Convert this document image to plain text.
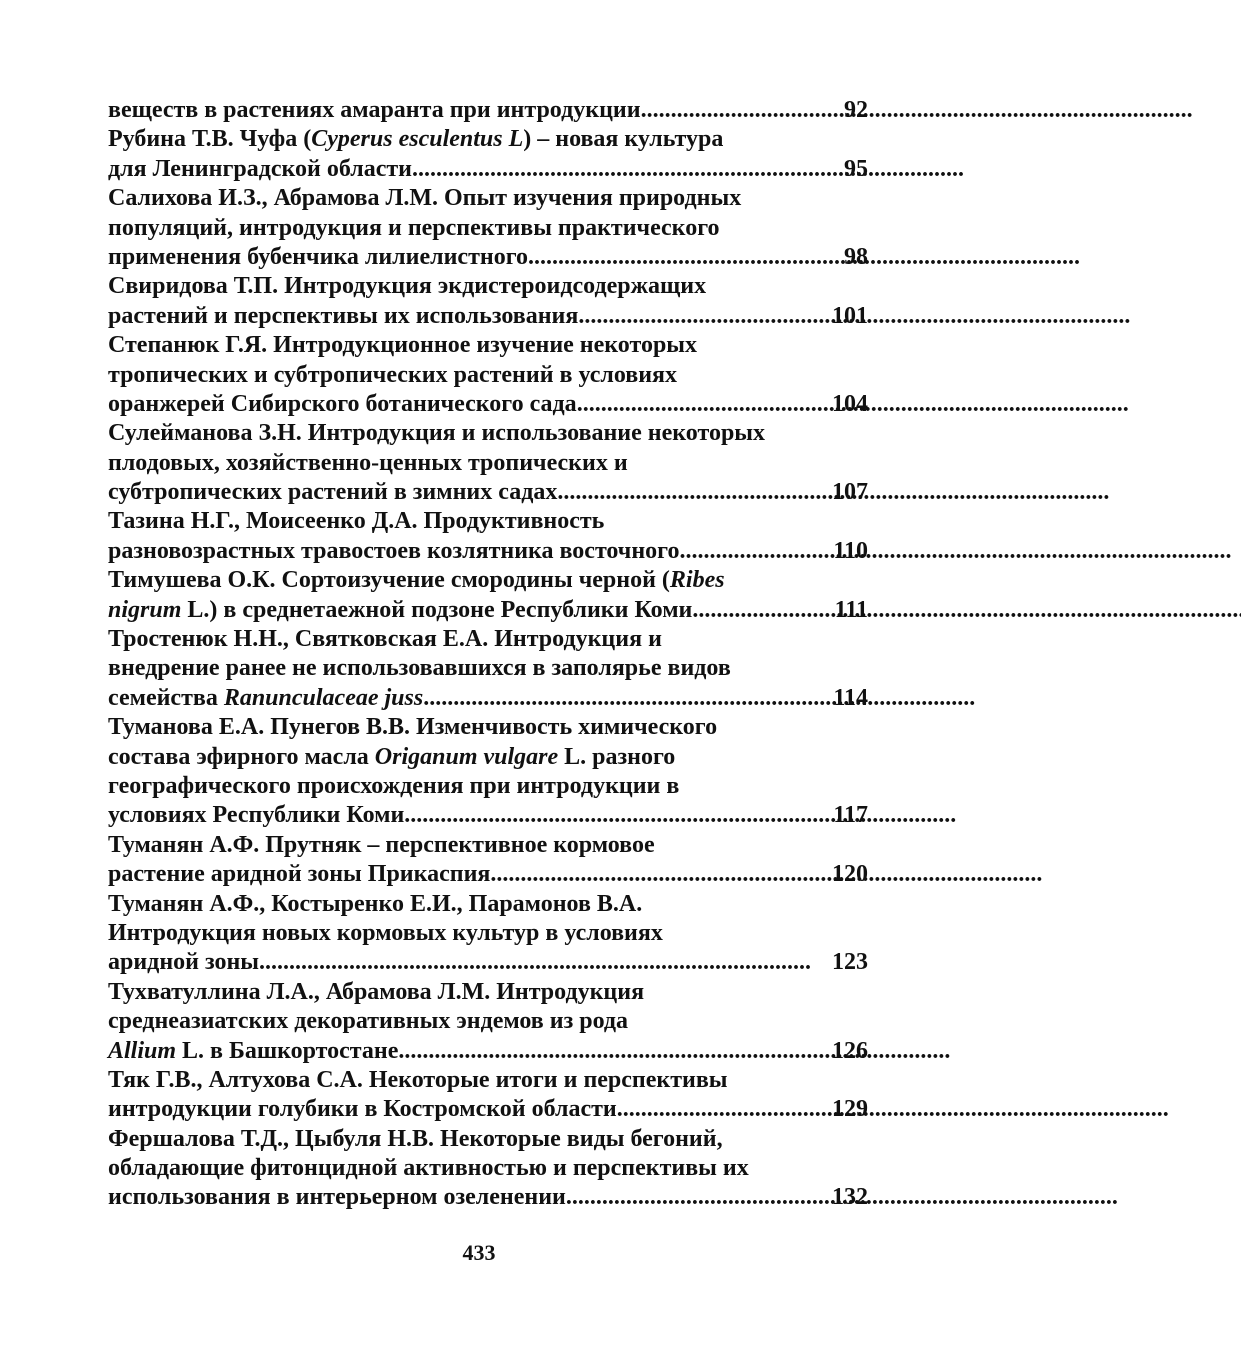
веществ в растениях амаранта при интродукции . . .	92
Рубина Т.В. Чуфа (Cyperus esculentus L) – новая культура
для Ленинградской области . . .	95
Салихова И.З., Абрамова Л.М. Опыт изучения природных
популяций, интродукция и перспективы практического
применения бубенчика лилиелистного . . .	98
Свиридова Т.П. Интродукция экдистероидсодержащих
растений и перспективы их использования . . .	101
Степанюк Г.Я. Интродукционное изучение некоторых
тропических и субтропических растений в условиях
оранжерей Сибирского ботанического сада . . .	104
Сулейманова З.Н. Интродукция и использование некоторых
плодовых, хозяйственно-ценных тропических и
субтропических растений в зимних садах . . .	107
Тазина Н.Г., Моисеенко Д.А. Продуктивность
разновозрастных травостоев козлятника восточного . . .	110
Тимушева О.К. Сортоизучение смородины черной (Ribes
nigrum L.) в среднетаежной подзоне Республики Коми . . .	111
Тростенюк Н.Н., Святковская Е.А. Интродукция и
внедрение ранее не использовавшихся в заполярье видов
семейства Ranunculaceae juss . . .	114
Туманова Е.А. Пунегов В.В. Изменчивость химического
состава эфирного масла Origanum vulgare L. разного
географического происхождения при интродукции в
условиях Республики Коми . . .	117
Туманян А.Ф. Прутняк – перспективное кормовое
растение аридной зоны Прикаспия . . .	120
Туманян А.Ф., Костыренко Е.И., Парамонов В.А.
Интродукция новых кормовых культур в условиях
аридной зоны . . .	123
Тухватуллина Л.А., Абрамова Л.М. Интродукция
среднеазиатских декоративных эндемов из рода
Allium L. в Башкортостане . . .	126
Тяк Г.В., Алтухова С.А. Некоторые итоги и перспективы
интродукции голубики в Костромской области . . .	129
Фершалова Т.Д., Цыбуля Н.В. Некоторые виды бегоний,
обладающие фитонцидной активностью и перспективы их
использования в интерьерном озеленении . . .	132
433
